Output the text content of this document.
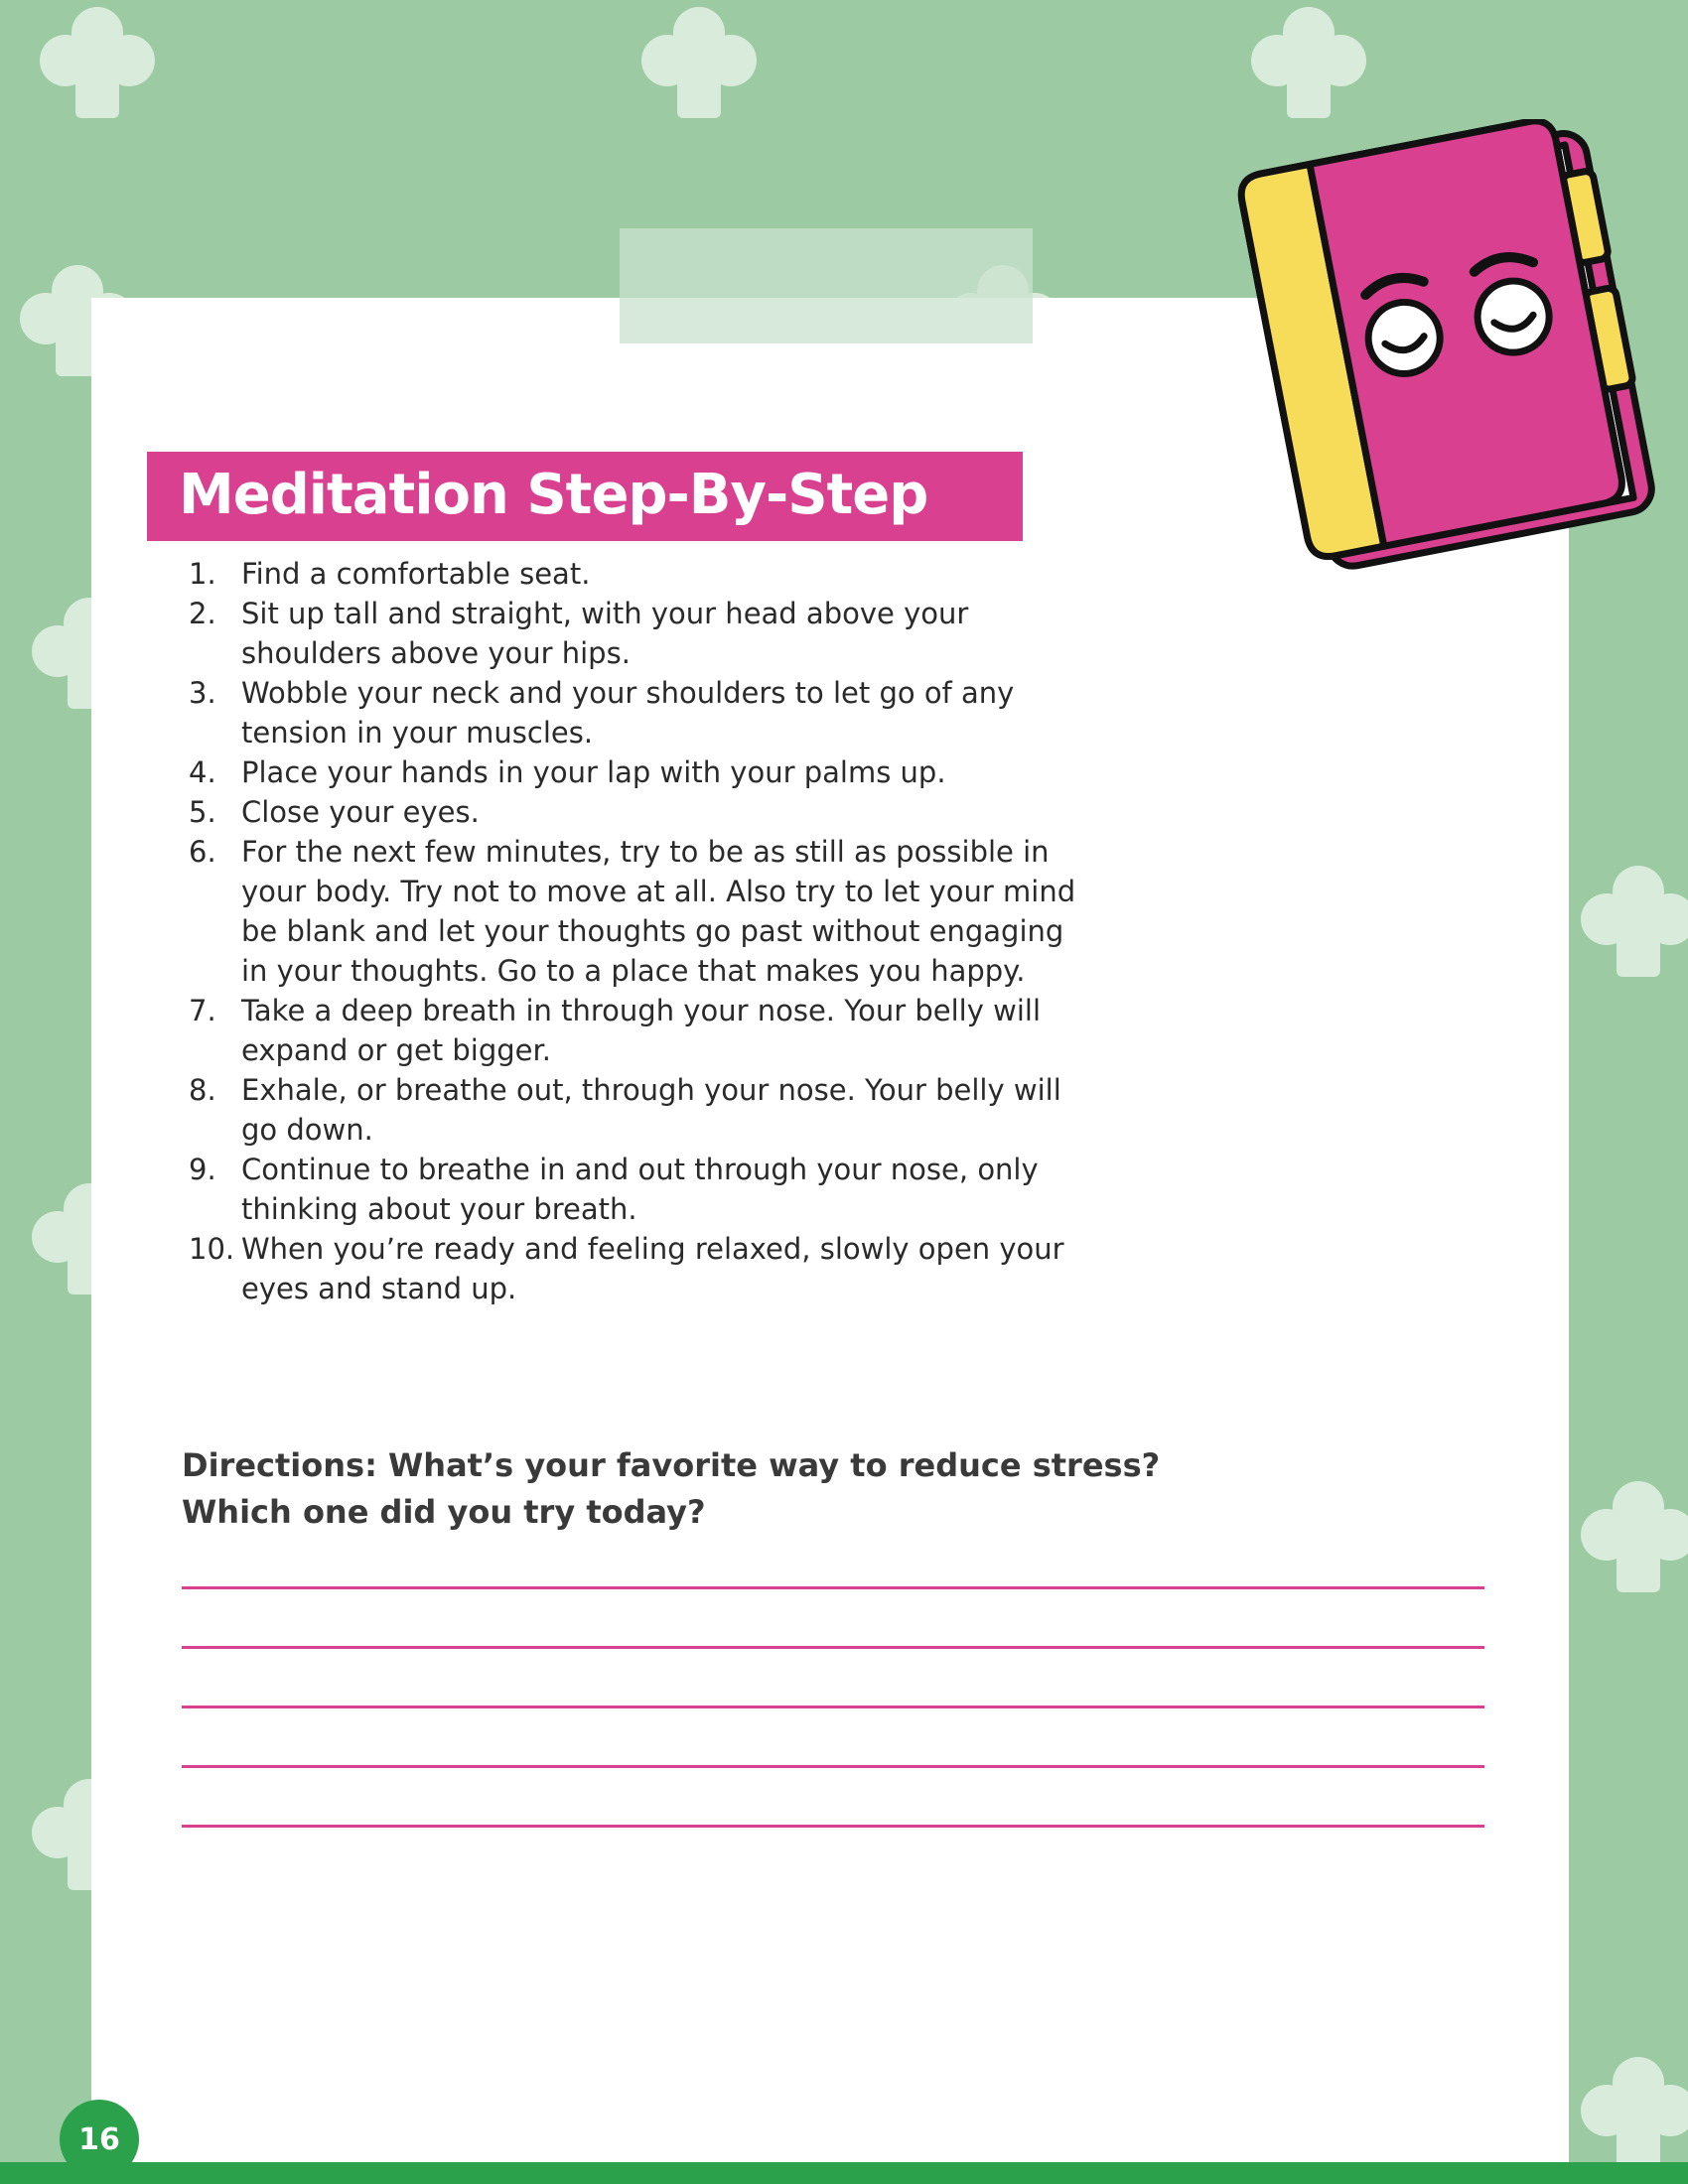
Meditation Step-By-Step
1. Find a comfortable seat.
2. Sit up tall and straight, with your head above your shoulders above your hips.
3. Wobble your neck and your shoulders to let go of any tension in your muscles.
4. Place your hands in your lap with your palms up.
5. Close your eyes.
6. For the next few minutes, try to be as still as possible in your body. Try not to move at all. Also try to let your mind be blank and let your thoughts go past without engaging in your thoughts. Go to a place that makes you happy.
7. Take a deep breath in through your nose. Your belly will expand or get bigger.
8. Exhale, or breathe out, through your nose. Your belly will go down.
9. Continue to breathe in and out through your nose, only thinking about your breath.
10. When you’re ready and feeling relaxed, slowly open your eyes and stand up.

Directions: What’s your favorite way to reduce stress? Which one did you try today?

16
